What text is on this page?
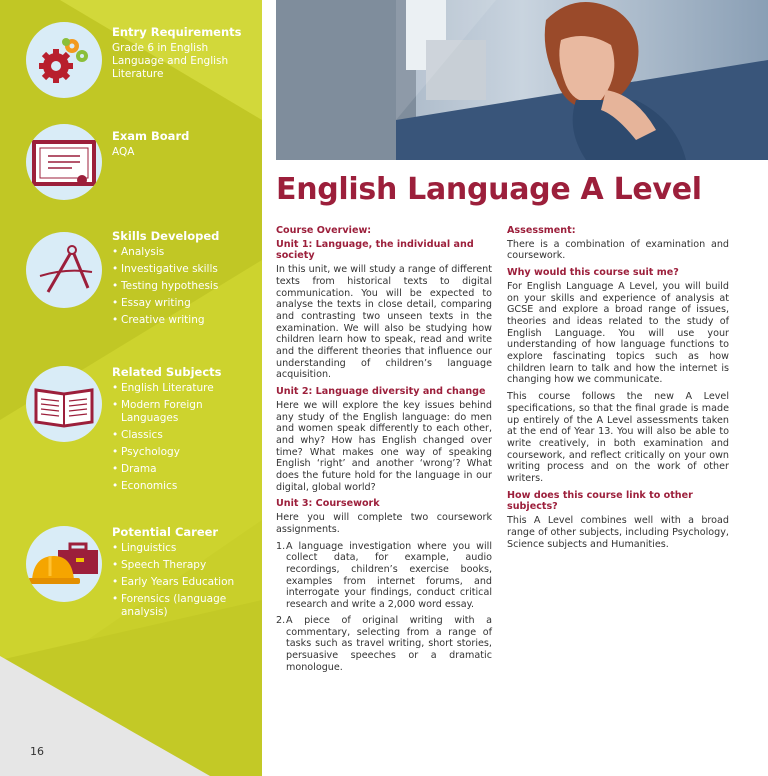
16
Entry Requirements
Grade 6 in English Language and English Literature
Exam Board
AQA
Skills Developed
• Analysis
• Investigative skills
• Testing hypothesis
• Essay writing
• Creative writing
Related Subjects
• English Literature
• Modern Foreign Languages
• Classics
• Psychology
• Drama
• Economics
Potential Career
• Linguistics
• Speech Therapy
• Early Years Education
• Forensics (language analysis)
English Language A Level
Course Overview:
Unit 1: Language, the individual and society
In this unit, we will study a range of different texts from historical texts to digital communication. You will be expected to analyse the texts in close detail, comparing and contrasting two unseen texts in the examination. We will also be studying how children learn how to speak, read and write and the different theories that influence our understanding of children’s language acquisition.
Unit 2: Language diversity and change
Here we will explore the key issues behind any study of the English language: do men and women speak differently to each other, and why? How has English changed over time? What makes one way of speaking English ‘right’ and another ‘wrong’? What does the future hold for the language in our digital, global world?
Unit 3: Coursework
Here you will complete two coursework assignments.
1. A language investigation where you will collect data, for example, audio recordings, children’s exercise books, examples from internet forums, and interrogate your findings, conduct critical research and write a 2,000 word essay.
2. A piece of original writing with a commentary, selecting from a range of tasks such as travel writing, short stories, persuasive speeches or a dramatic monologue.
Assessment:
There is a combination of examination and coursework.
Why would this course suit me?
For English Language A Level, you will build on your skills and experience of analysis at GCSE and explore a broad range of issues, theories and ideas related to the study of English Language. You will use your understanding of how language functions to explore fascinating topics such as how children learn to talk and how the internet is changing how we communicate.
This course follows the new A Level specifications, so that the final grade is made up entirely of the A Level assessments taken at the end of Year 13. You will also be able to write creatively, in both examination and coursework, and reflect critically on your own writing process and on the work of other writers.
How does this course link to other subjects?
This A Level combines well with a broad range of other subjects, including Psychology, Science subjects and Humanities.
